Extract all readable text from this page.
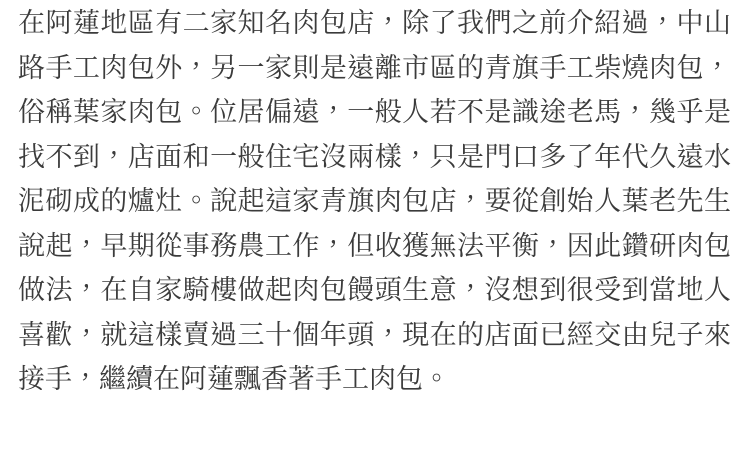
在阿蓮地區有二家知名肉包店，除了我們之前介紹過，中山路手工肉包外，另一家則是遠離市區的青旗手工柴燒肉包，俗稱葉家肉包。位居偏遠，一般人若不是識途老馬，幾乎是找不到，店面和一般住宅沒兩樣，只是門口多了年代久遠水泥砌成的爐灶。說起這家青旗肉包店，要從創始人葉老先生說起，早期從事務農工作，但收獲無法平衡，因此鑽研肉包做法，在自家騎樓做起肉包饅頭生意，沒想到很受到當地人喜歡，就這樣賣過三十個年頭，現在的店面已經交由兒子來接手，繼續在阿蓮飄香著手工肉包。
